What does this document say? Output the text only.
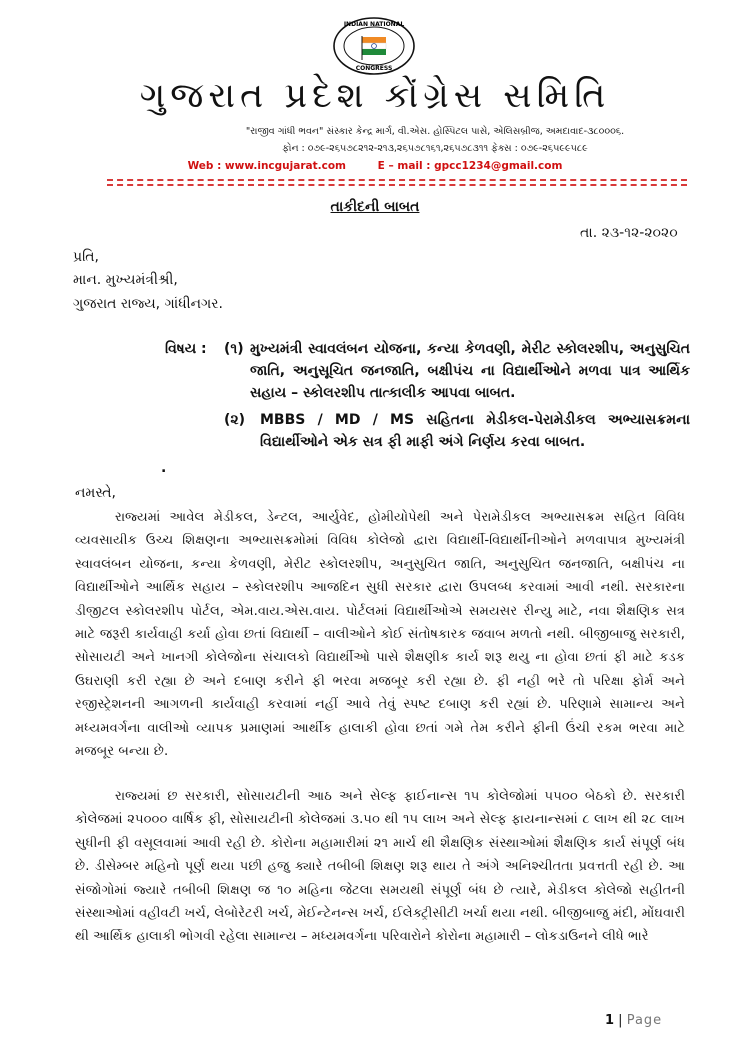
INDIAN NATIONAL
CONGRESS
ગુજરાત પ્રદેશ કોંગ્રેસ સમિતિ
"રાજીવ ગાંધી ભવન" સંસ્કાર કેન્દ્ર માર્ગ, વી.એસ. હોસ્પિટલ પાસે, એલિસબ્રીજ, અમદાવાદ-૩૮૦૦૦૬.
ફોન : ૦૭૯-૨૬૫૭૮૨૧૨-૨૧૩,૨૬૫૭૮૧૬૧,૨૬૫૭૮૩૧૧ ફેક્સ : ૦૭૯-૨૬૫૯૯૫૮૯
Web : www.incgujarat.com	E – mail : gpcc1234@gmail.com
તાકીદની બાબત
તા. ૨૩-૧૨-૨૦૨૦
પ્રતિ,
માન. મુખ્યમંત્રીશ્રી,
ગુજરાત રાજ્ય, ગાંધીનગર.
વિષય : (૧) મુખ્યમંત્રી સ્વાવલંબન યોજના, કન્યા કેળવણી, મેરીટ સ્કોલરશીપ, અનુસુચિત જાતિ, અનુસૂચિત જનજાતિ, બક્ષીપંચ ના વિદ્યાર્થીઓને મળવા પાત્ર આર્થિક સહાય – સ્કોલરશીપ તાત્કાલીક આપવા બાબત.
(૨) MBBS / MD / MS સહિતના મેડીકલ-પેરામેડીકલ અભ્યાસક્રમના વિદ્યાર્થીઓને એક સત્ર ફી માફી અંગે નિર્ણય કરવા બાબત.
.
નમસ્તે,
રાજ્યમાં આવેલ મેડીકલ, ડેન્ટલ, આર્યુવેદ, હોમીયોપેથી અને પેરામેડીકલ અભ્યાસક્રમ સહિત વિવિધ વ્યવસાયીક ઉચ્ચ શિક્ષણના અભ્યાસક્રમોમાં વિવિધ કોલેજો દ્વારા વિદ્યાર્થી-વિદ્યાર્થીનીઓને મળવાપાત્ર મુખ્યમંત્રી સ્વાવલંબન યોજના, કન્યા કેળવણી, મેરીટ સ્કોલરશીપ, અનુસુચિત જાતિ, અનુસુચિત જનજાતિ, બક્ષીપંચ ના વિદ્યાર્થીઓને આર્થિક સહાય – સ્કોલરશીપ આજદિન સુધી સરકાર દ્વારા ઉપલબ્ધ કરવામાં આવી નથી. સરકારના ડીજીટલ સ્કોલરશીપ પોર્ટલ, એમ.વાય.એસ.વાય. પોર્ટલમાં વિદ્યાર્થીઓએ સમયસર રીન્યુ માટે, નવા શૈક્ષણિક સત્ર માટે જરૂરી કાર્યવાહી કર્યા હોવા છતાં વિદ્યાર્થી – વાલીઓને કોઈ સંતોષકારક જવાબ મળતો નથી. બીજીબાજુ સરકારી, સોસાયટી અને ખાનગી કોલેજોના સંચાલકો વિદ્યાર્થીઓ પાસે શૈક્ષણીક કાર્ય શરૂ થયુ ના હોવા છતાં ફી માટે કડક ઉઘરાણી કરી રહ્યા છે અને દબાણ કરીને ફી ભરવા મજબૂર કરી રહ્યા છે. ફી નહી ભરે તો પરિક્ષા ફોર્મ અને રજીસ્ટ્રેશનની આગળની કાર્યવાહી કરવામાં નહીં આવે તેવું સ્પષ્ટ દબાણ કરી રહ્યાં છે. પરિણામે સામાન્ય અને મધ્યમવર્ગના વાલીઓ વ્યાપક પ્રમાણમાં આર્થીક હાલાકી હોવા છતાં ગમે તેમ કરીને ફીની ઉંચી રકમ ભરવા માટે મજબૂર બન્યા છે.
રાજ્યમાં છ સરકારી, સોસાયટીની આઠ અને સેલ્ફ ફાઈનાન્સ ૧૫ કોલેજોમાં ૫૫૦૦ બેઠકો છે. સરકારી કોલેજમાં ૨૫૦૦૦ વાર્ષિક ફી, સોસાયટીની કોલેજમાં ૩.૫૦ થી ૧૫ લાખ અને સેલ્ફ ફાયનાન્સમાં ૮ લાખ થી ૨૮ લાખ સુધીની ફી વસૂલવામાં આવી રહી છે. કોરોના મહામારીમાં ૨૧ માર્ચ થી શૈક્ષણિક સંસ્થાઓમાં શૈક્ષણિક કાર્ય સંપૂર્ણ બંધ છે. ડીસેમ્બર મહિનો પૂર્ણ થયા પછી હજુ ક્યારે તબીબી શિક્ષણ શરૂ થાય તે અંગે અનિશ્ચીતતા પ્રવત્તતી રહી છે. આ સંજોગોમાં જ્યારે તબીબી શિક્ષણ જ ૧૦ મહિના જેટલા સમયથી સંપૂર્ણ બંધ છે ત્યારે, મેડીકલ કોલેજો સહીતની સંસ્થાઓમાં વહીવટી ખર્ચ, લેબોરેટરી ખર્ચ, મેઈન્ટેનન્સ ખર્ચ, ઈલેક્ટ્રીસીટી ખર્ચા થયા નથી. બીજીબાજુ મંદી, મોંઘવારી થી આર્થિક હાલાકી ભોગવી રહેલા સામાન્ય – મધ્યમવર્ગના પરિવારોને કોરોના મહામારી – લોકડાઉનને લીધે ભારે
1 | Page
